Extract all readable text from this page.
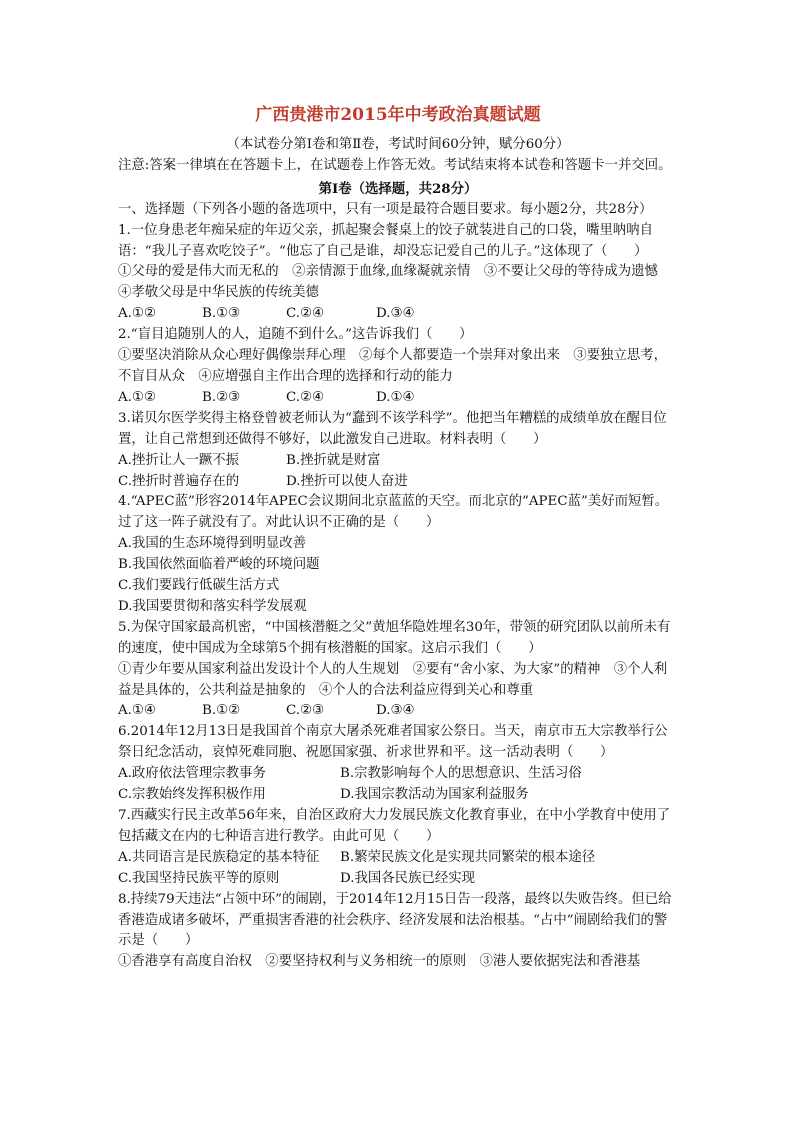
广西贵港市2015年中考政治真题试题

（本试卷分第Ⅰ卷和第Ⅱ卷，考试时间60分钟，赋分60分）

注意:答案一律填在在答题卡上，在试题卷上作答无效。考试结束将本试卷和答题卡一并交回。

第Ⅰ卷（选择题，共28分）

一、选择题（下列各小题的备选项中，只有一项是最符合题目要求。每小题2分，共28分）

1.一位身患老年痴呆症的年迈父亲，抓起聚会餐桌上的饺子就装进自己的口袋，嘴里呐呐自语：“我儿子喜欢吃饺子”。“他忘了自己是谁，却没忘记爱自己的儿子。”这体现了（　　）

①父母的爱是伟大而无私的　②亲情源于血缘,血缘凝就亲情　③不要让父母的等待成为遗憾　④孝敬父母是中华民族的传统美德

A.①②	B.①③	C.②④	D.③④

2.“盲目追随别人的人，追随不到什么。”这告诉我们（　　）

①要坚决消除从众心理好偶像崇拜心理　②每个人都要造一个崇拜对象出来　③要独立思考，不盲目从众　④应增强自主作出合理的选择和行动的能力

A.①②	B.②③	C.②④	D.①④

3.诺贝尔医学奖得主格登曾被老师认为“蠢到不该学科学”。他把当年糟糕的成绩单放在醒目位置，让自己常想到还做得不够好，以此激发自己进取。材料表明（　　）

A.挫折让人一蹶不振	B.挫折就是财富
C.挫折时普遍存在的	D.挫折可以使人奋进

4.“APEC蓝”形容2014年APEC会议期间北京蓝蓝的天空。而北京的“APEC蓝”美好而短暂。过了这一阵子就没有了。对此认识不正确的是（　　）

A.我国的生态环境得到明显改善

B.我国依然面临着严峻的环境问题

C.我们要践行低碳生活方式

D.我国要贯彻和落实科学发展观

5.为保守国家最高机密，“中国核潜艇之父”黄旭华隐姓埋名30年，带领的研究团队以前所未有的速度，使中国成为全球第5个拥有核潜艇的国家。这启示我们（　　）

①青少年要从国家利益出发设计个人的人生规划　②要有“舍小家、为大家”的精神　③个人利益是具体的，公共利益是抽象的　④个人的合法利益应得到关心和尊重

A.①④	B.①②	C.②③	D.③④

6.2014年12月13日是我国首个南京大屠杀死难者国家公祭日。当天，南京市五大宗教举行公祭日纪念活动，哀悼死难同胞、祝愿国家强、祈求世界和平。这一活动表明（　　）

A.政府依法管理宗教事务	B.宗教影响每个人的思想意识、生活习俗
C.宗教始终发挥积极作用	D.我国宗教活动为国家利益服务

7.西藏实行民主改革56年来，自治区政府大力发展民族文化教育事业，在中小学教育中使用了包括藏文在内的七种语言进行教学。由此可见（　　）

A.共同语言是民族稳定的基本特征 B.繁荣民族文化是实现共同繁荣的根本途径
C.我国坚持民族平等的原则	D.我国各民族已经实现

8.持续79天违法“占领中环”的闹剧，于2014年12月15日告一段落，最终以失败告终。但已给香港造成诸多破坏，严重损害香港的社会秩序、经济发展和法治根基。“占中”闹剧给我们的警示是（　　）

①香港享有高度自治权　②要坚持权利与义务相统一的原则　③港人要依据宪法和香港基
